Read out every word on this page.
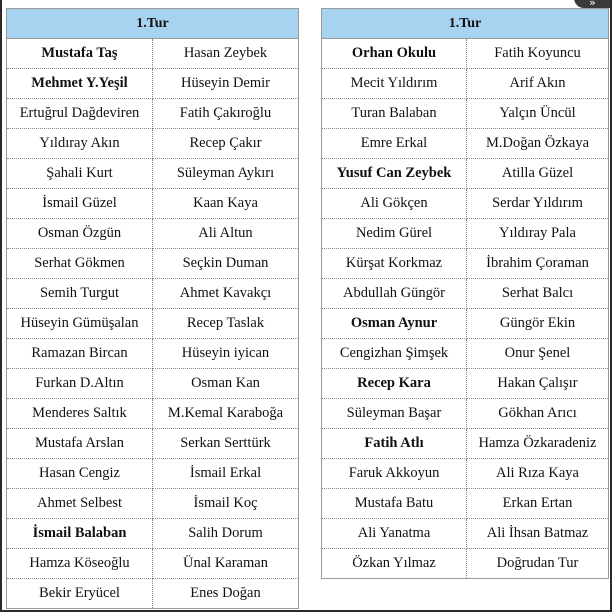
»
1.Tur	
Mustafa Taş	Hasan Zeybek
Mehmet Y.Yeşil	Hüseyin Demir
Ertuğrul Dağdeviren	Fatih Çakıroğlu
Yıldıray Akın	Recep Çakır
Şahali Kurt	Süleyman Aykırı
İsmail Güzel	Kaan Kaya
Osman Özgün	Ali Altun
Serhat Gökmen	Seçkin Duman
Semih Turgut	Ahmet Kavakçı
Hüseyin Gümüşalan	Recep Taslak
Ramazan Bircan	Hüseyin iyican
Furkan D.Altın	Osman Kan
Menderes Saltık	M.Kemal Karaboğa
Mustafa Arslan	Serkan Serttürk
Hasan Cengiz	İsmail Erkal
Ahmet Selbest	İsmail Koç
İsmail Balaban	Salih Dorum
Hamza Köseoğlu	Ünal Karaman
Bekir Eryücel	Enes Doğan
1.Tur	
Orhan Okulu	Fatih Koyuncu
Mecit Yıldırım	Arif Akın
Turan Balaban	Yalçın Üncül
Emre Erkal	M.Doğan Özkaya
Yusuf Can Zeybek	Atilla Güzel
Ali Gökçen	Serdar Yıldırım
Nedim Gürel	Yıldıray Pala
Kürşat Korkmaz	İbrahim Çoraman
Abdullah Güngör	Serhat Balcı
Osman Aynur	Güngör Ekin
Cengizhan Şimşek	Onur Şenel
Recep Kara	Hakan Çalışır
Süleyman Başar	Gökhan Arıcı
Fatih Atlı	Hamza Özkaradeniz
Faruk Akkoyun	Ali Rıza Kaya
Mustafa Batu	Erkan Ertan
Ali Yanatma	Ali İhsan Batmaz
Özkan Yılmaz	Doğrudan Tur
